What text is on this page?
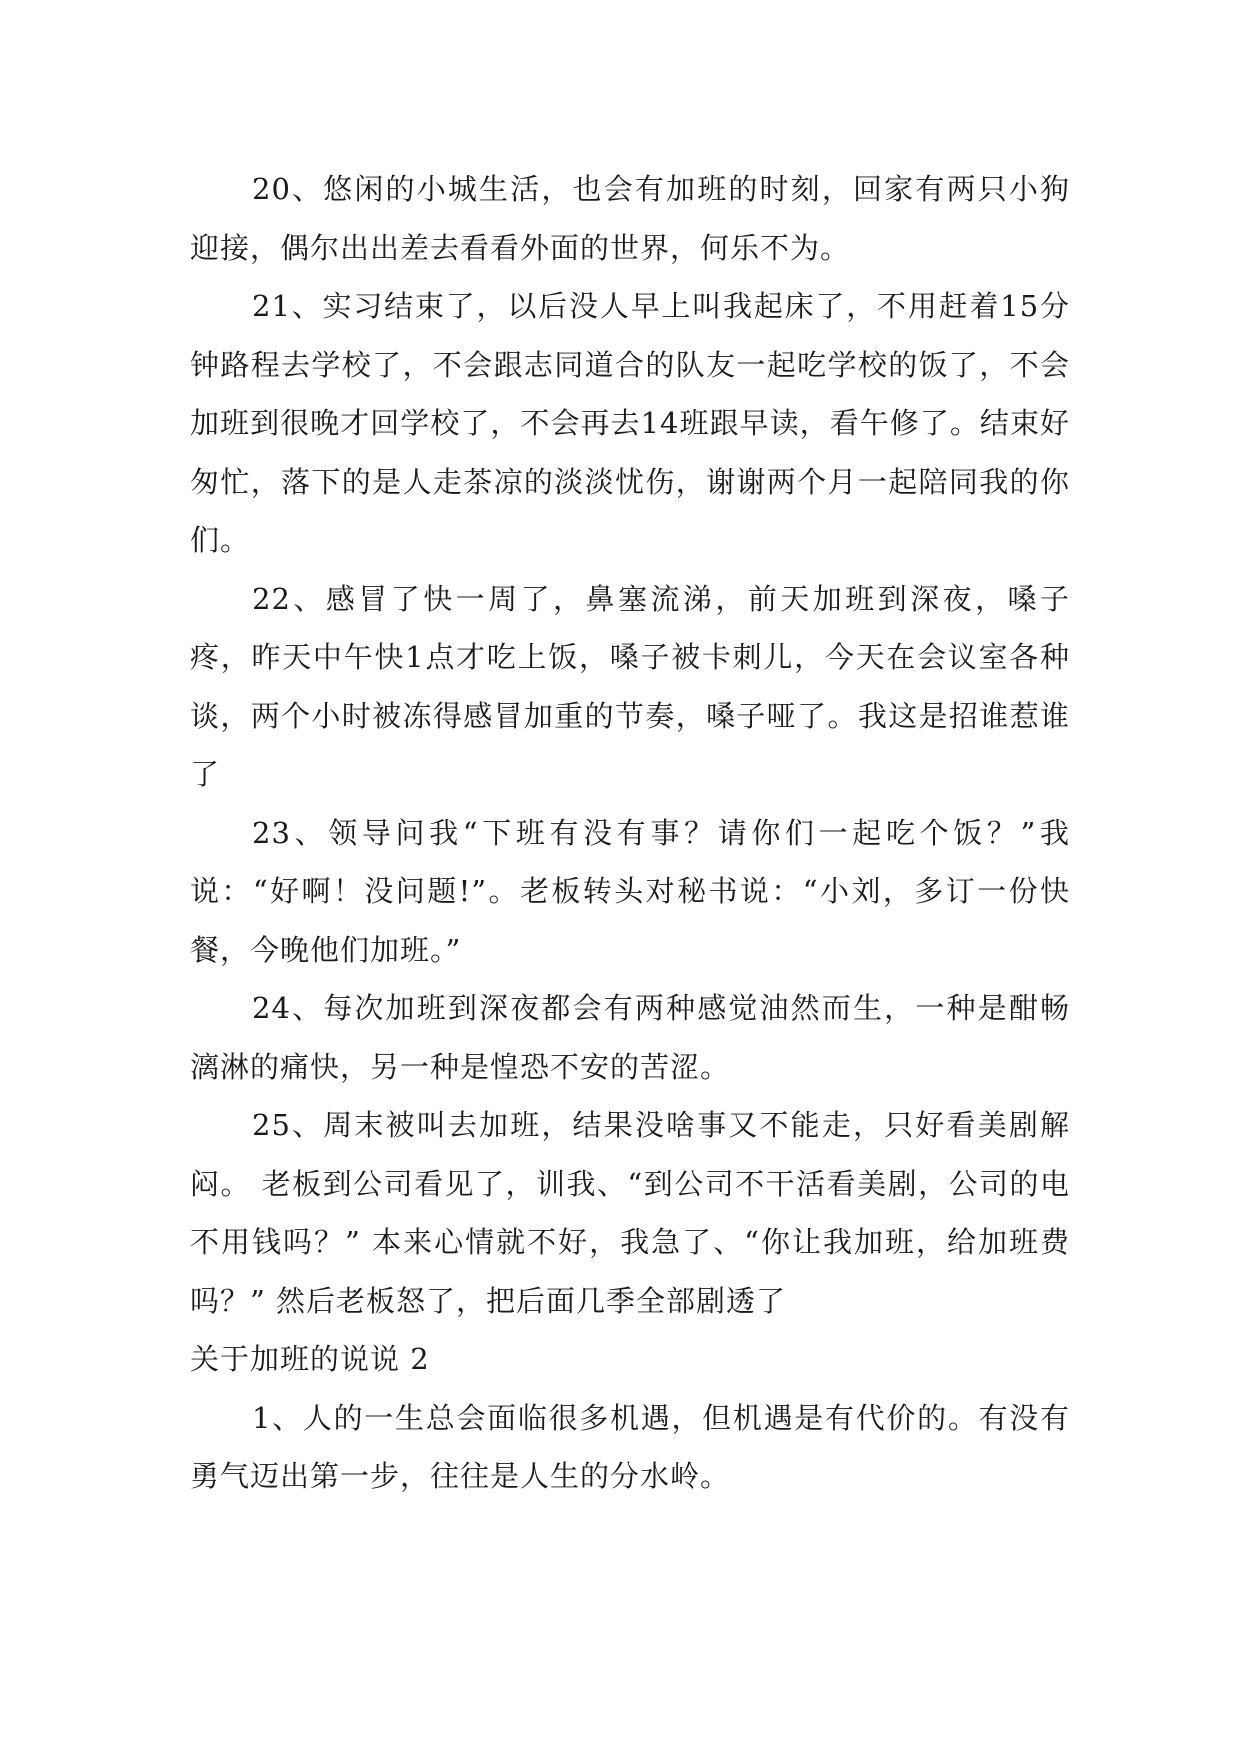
20、悠闲的小城生活，也会有加班的时刻，回家有两只小狗迎接，偶尔出出差去看看外面的世界，何乐不为。

21、实习结束了，以后没人早上叫我起床了，不用赶着15分钟路程去学校了，不会跟志同道合的队友一起吃学校的饭了，不会加班到很晚才回学校了，不会再去14班跟早读，看午修了。结束好匆忙，落下的是人走茶凉的淡淡忧伤，谢谢两个月一起陪同我的你们。

22、感冒了快一周了，鼻塞流涕，前天加班到深夜，嗓子疼，昨天中午快1点才吃上饭，嗓子被卡刺儿，今天在会议室各种谈，两个小时被冻得感冒加重的节奏，嗓子哑了。我这是招谁惹谁了

23、领导问我“下班有没有事？请你们一起吃个饭？”我说：“好啊！没问题!”。老板转头对秘书说：“小刘，多订一份快餐，今晚他们加班。”

24、每次加班到深夜都会有两种感觉油然而生，一种是酣畅漓淋的痛快，另一种是惶恐不安的苦涩。

25、周末被叫去加班，结果没啥事又不能走，只好看美剧解闷。 老板到公司看见了，训我、“到公司不干活看美剧，公司的电不用钱吗？” 本来心情就不好，我急了、“你让我加班，给加班费吗？” 然后老板怒了，把后面几季全部剧透了

关于加班的说说 2

1、人的一生总会面临很多机遇，但机遇是有代价的。有没有勇气迈出第一步，往往是人生的分水岭。
